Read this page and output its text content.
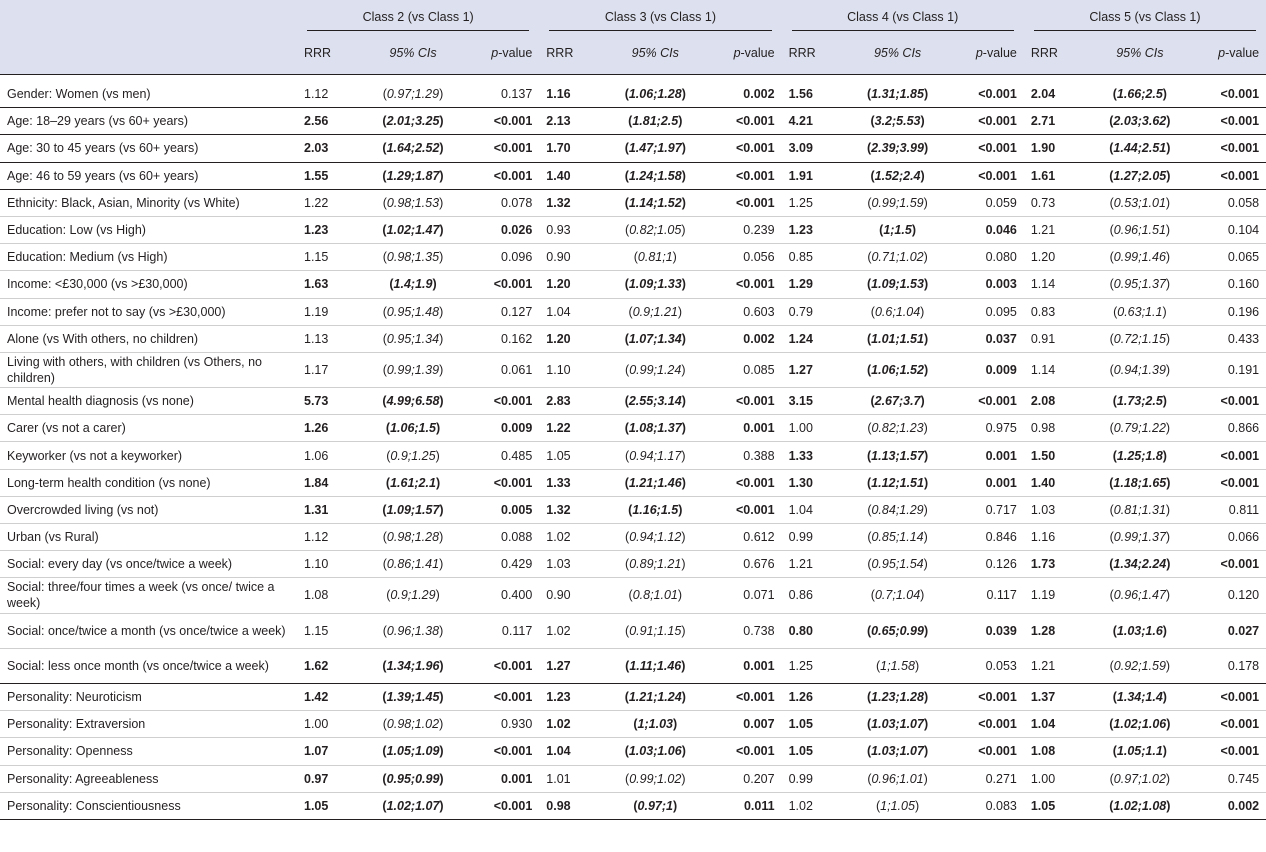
	Class 2 (vs Class 1)			Class 3 (vs Class 1)			Class 4 (vs Class 1)			Class 5 (vs Class 1)		

	RRR	95% CIs	p-value	RRR	95% CIs	p-value	RRR	95% CIs	p-value	RRR	95% CIs	p-value
Gender: Women (vs men)	1.12	(0.97;1.29)	0.137	1.16	(1.06;1.28)	0.002	1.56	(1.31;1.85)	<0.001	2.04	(1.66;2.5)	<0.001
Age: 18–29 years (vs 60+ years)	2.56	(2.01;3.25)	<0.001	2.13	(1.81;2.5)	<0.001	4.21	(3.2;5.53)	<0.001	2.71	(2.03;3.62)	<0.001
Age: 30 to 45 years (vs 60+ years)	2.03	(1.64;2.52)	<0.001	1.70	(1.47;1.97)	<0.001	3.09	(2.39;3.99)	<0.001	1.90	(1.44;2.51)	<0.001
Age: 46 to 59 years (vs 60+ years)	1.55	(1.29;1.87)	<0.001	1.40	(1.24;1.58)	<0.001	1.91	(1.52;2.4)	<0.001	1.61	(1.27;2.05)	<0.001
Ethnicity: Black, Asian, Minority (vs White)	1.22	(0.98;1.53)	0.078	1.32	(1.14;1.52)	<0.001	1.25	(0.99;1.59)	0.059	0.73	(0.53;1.01)	0.058
Education: Low (vs High)	1.23	(1.02;1.47)	0.026	0.93	(0.82;1.05)	0.239	1.23	(1;1.5)	0.046	1.21	(0.96;1.51)	0.104
Education: Medium (vs High)	1.15	(0.98;1.35)	0.096	0.90	(0.81;1)	0.056	0.85	(0.71;1.02)	0.080	1.20	(0.99;1.46)	0.065
Income: <£30,000 (vs >£30,000)	1.63	(1.4;1.9)	<0.001	1.20	(1.09;1.33)	<0.001	1.29	(1.09;1.53)	0.003	1.14	(0.95;1.37)	0.160
Income: prefer not to say (vs >£30,000)	1.19	(0.95;1.48)	0.127	1.04	(0.9;1.21)	0.603	0.79	(0.6;1.04)	0.095	0.83	(0.63;1.1)	0.196
Alone (vs With others, no children)	1.13	(0.95;1.34)	0.162	1.20	(1.07;1.34)	0.002	1.24	(1.01;1.51)	0.037	0.91	(0.72;1.15)	0.433
Living with others, with children (vs Others, no children)	1.17	(0.99;1.39)	0.061	1.10	(0.99;1.24)	0.085	1.27	(1.06;1.52)	0.009	1.14	(0.94;1.39)	0.191
Mental health diagnosis (vs none)	5.73	(4.99;6.58)	<0.001	2.83	(2.55;3.14)	<0.001	3.15	(2.67;3.7)	<0.001	2.08	(1.73;2.5)	<0.001
Carer (vs not a carer)	1.26	(1.06;1.5)	0.009	1.22	(1.08;1.37)	0.001	1.00	(0.82;1.23)	0.975	0.98	(0.79;1.22)	0.866
Keyworker (vs not a keyworker)	1.06	(0.9;1.25)	0.485	1.05	(0.94;1.17)	0.388	1.33	(1.13;1.57)	0.001	1.50	(1.25;1.8)	<0.001
Long-term health condition (vs none)	1.84	(1.61;2.1)	<0.001	1.33	(1.21;1.46)	<0.001	1.30	(1.12;1.51)	0.001	1.40	(1.18;1.65)	<0.001
Overcrowded living (vs not)	1.31	(1.09;1.57)	0.005	1.32	(1.16;1.5)	<0.001	1.04	(0.84;1.29)	0.717	1.03	(0.81;1.31)	0.811
Urban (vs Rural)	1.12	(0.98;1.28)	0.088	1.02	(0.94;1.12)	0.612	0.99	(0.85;1.14)	0.846	1.16	(0.99;1.37)	0.066
Social: every day (vs once/twice a week)	1.10	(0.86;1.41)	0.429	1.03	(0.89;1.21)	0.676	1.21	(0.95;1.54)	0.126	1.73	(1.34;2.24)	<0.001
Social: three/four times a week (vs once/ twice a week)	1.08	(0.9;1.29)	0.400	0.90	(0.8;1.01)	0.071	0.86	(0.7;1.04)	0.117	1.19	(0.96;1.47)	0.120
Social: once/twice a month (vs once/twice a week)	1.15	(0.96;1.38)	0.117	1.02	(0.91;1.15)	0.738	0.80	(0.65;0.99)	0.039	1.28	(1.03;1.6)	0.027
Social: less once month (vs once/twice a week)	1.62	(1.34;1.96)	<0.001	1.27	(1.11;1.46)	0.001	1.25	(1;1.58)	0.053	1.21	(0.92;1.59)	0.178
Personality: Neuroticism	1.42	(1.39;1.45)	<0.001	1.23	(1.21;1.24)	<0.001	1.26	(1.23;1.28)	<0.001	1.37	(1.34;1.4)	<0.001
Personality: Extraversion	1.00	(0.98;1.02)	0.930	1.02	(1;1.03)	0.007	1.05	(1.03;1.07)	<0.001	1.04	(1.02;1.06)	<0.001
Personality: Openness	1.07	(1.05;1.09)	<0.001	1.04	(1.03;1.06)	<0.001	1.05	(1.03;1.07)	<0.001	1.08	(1.05;1.1)	<0.001
Personality: Agreeableness	0.97	(0.95;0.99)	0.001	1.01	(0.99;1.02)	0.207	0.99	(0.96;1.01)	0.271	1.00	(0.97;1.02)	0.745
Personality: Conscientiousness	1.05	(1.02;1.07)	<0.001	0.98	(0.97;1)	0.011	1.02	(1;1.05)	0.083	1.05	(1.02;1.08)	0.002
